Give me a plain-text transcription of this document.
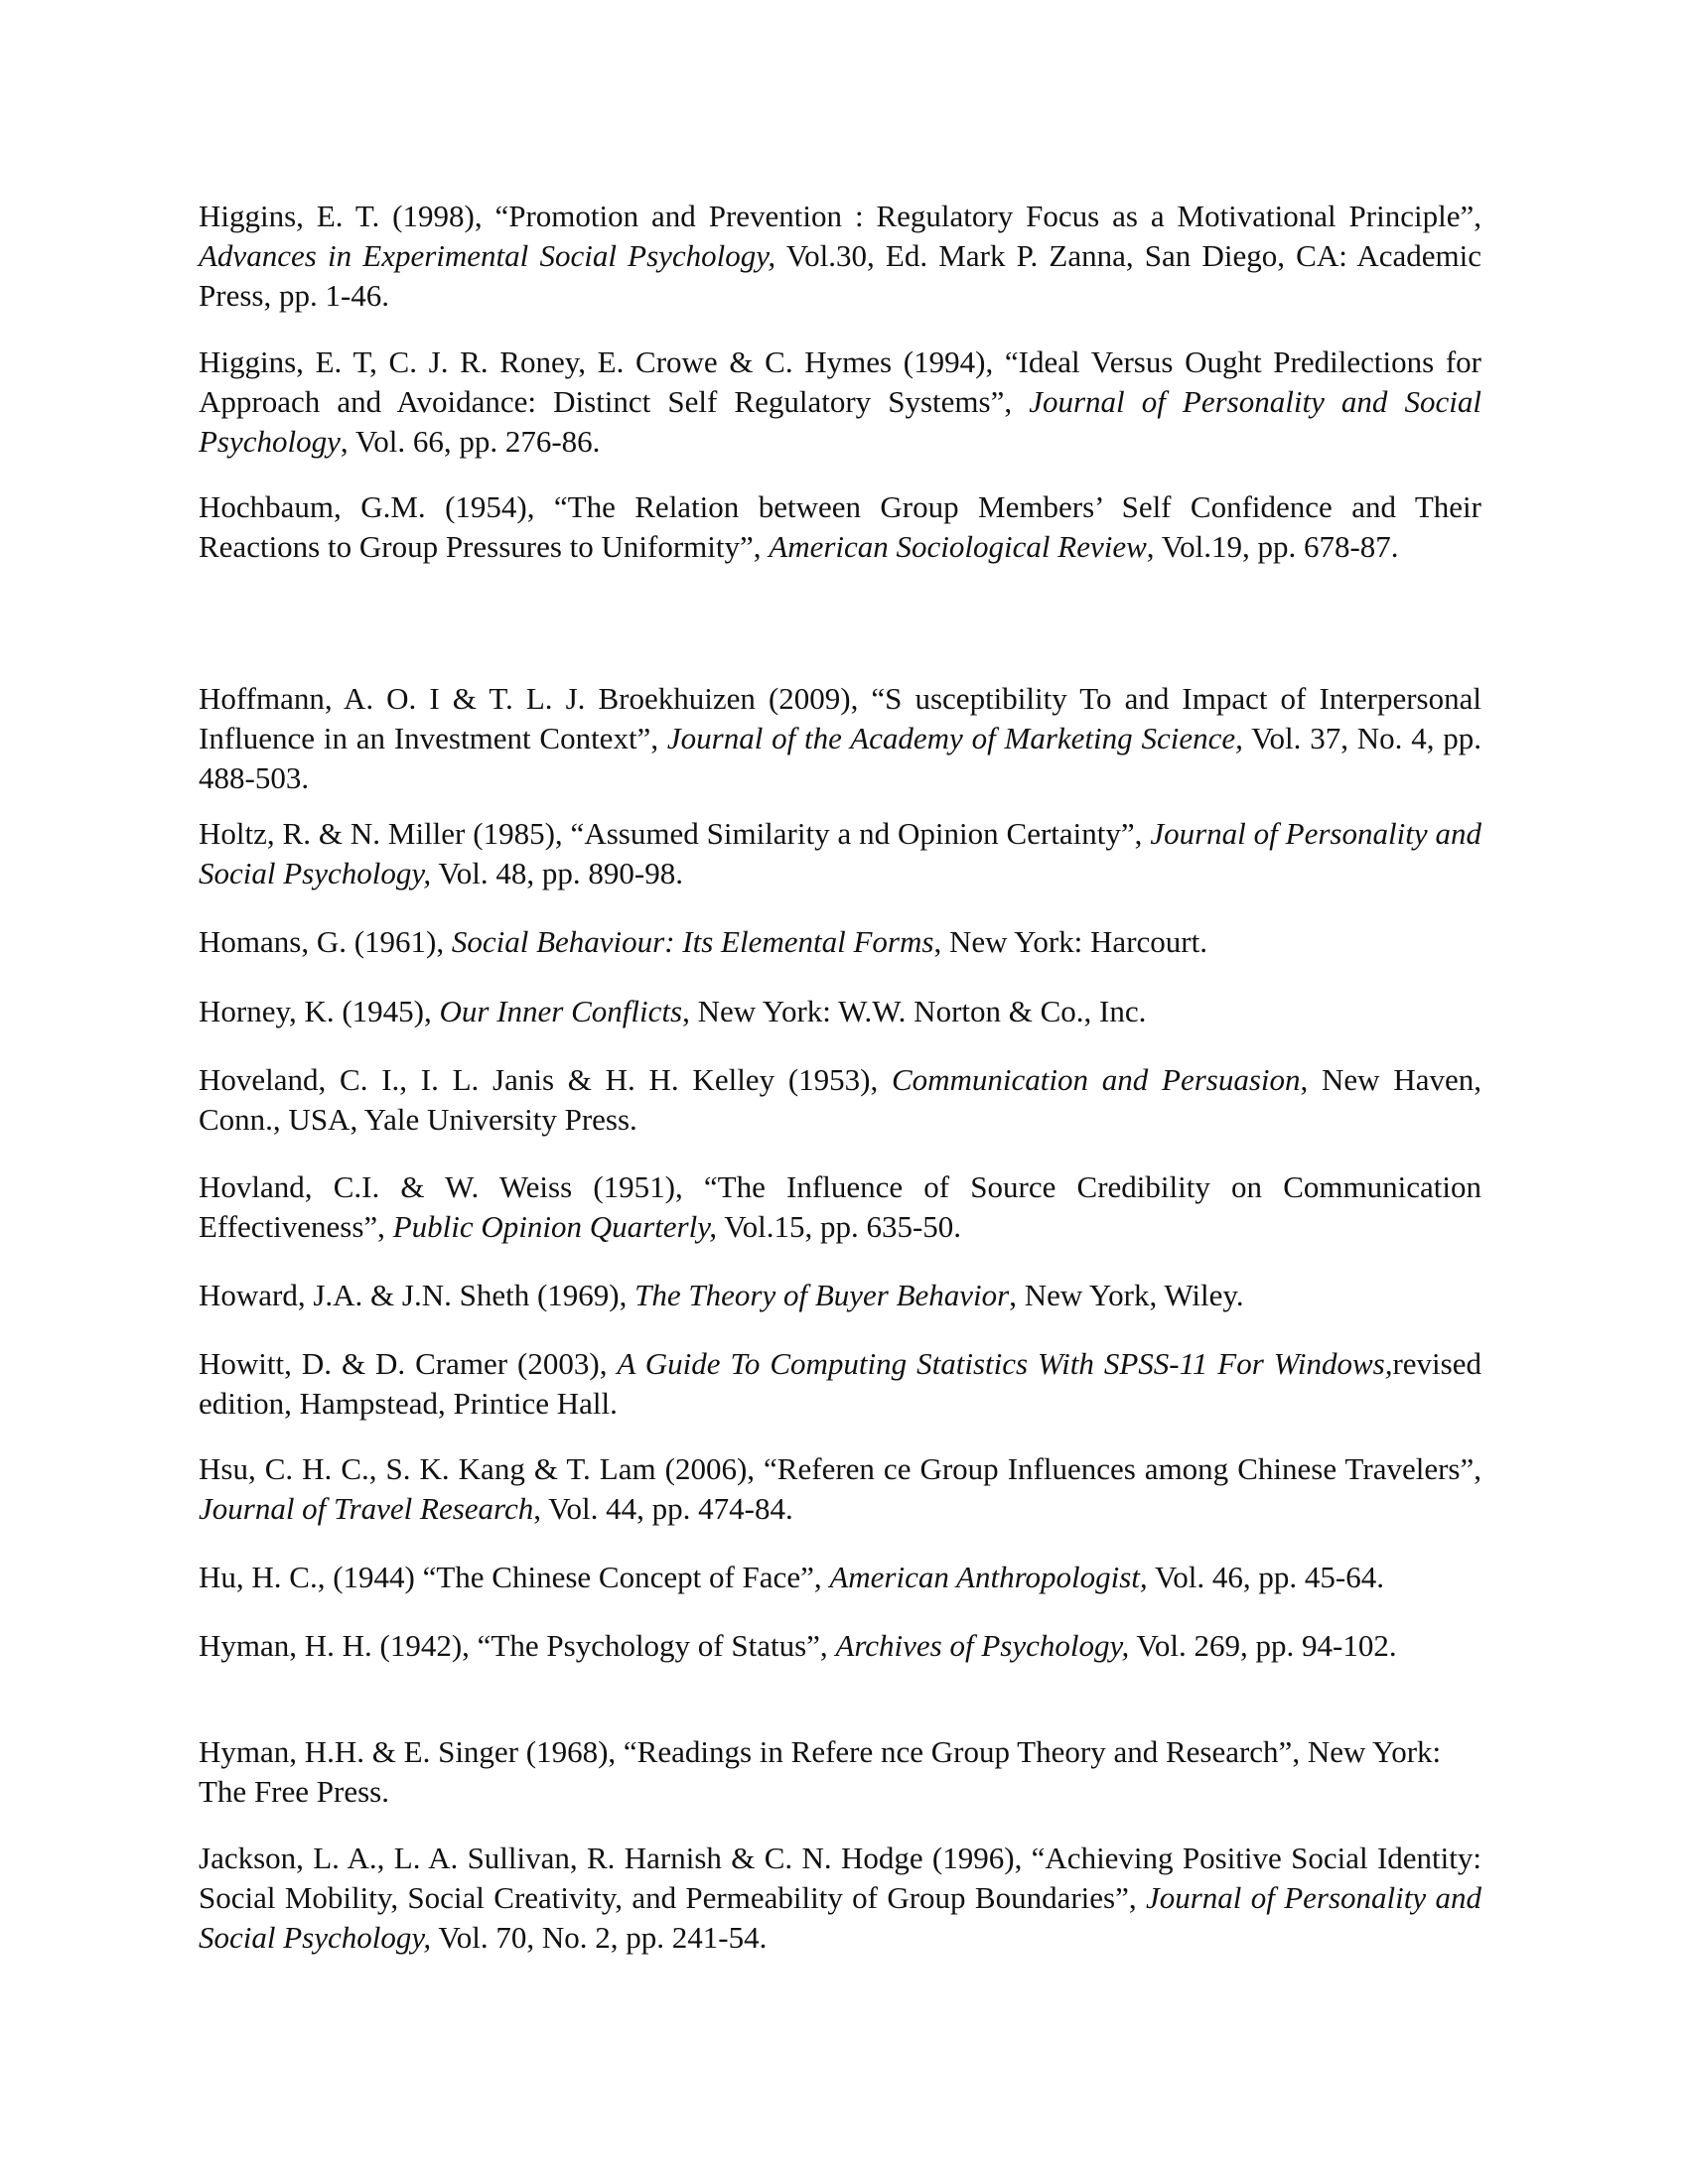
Higgins, E. T. (1998), “Promotion and Prevention : Regulatory Focus as a Motivational Principle”, Advances in Experimental Social Psychology, Vol.30, Ed. Mark P. Zanna, San Diego, CA: Academic Press, pp. 1-46.

Higgins, E. T, C. J. R. Roney, E. Crowe & C. Hymes (1994), “Ideal Versus Ought Predilections for Approach and Avoidance: Distinct Self Regulatory Systems”, Journal of Personality and Social Psychology, Vol. 66, pp. 276-86.

Hochbaum, G.M. (1954), “The Relation between Group Members’ Self Confidence and Their Reactions to Group Pressures to Uniformity”, American Sociological Review, Vol.19, pp. 678-87.

Hoffmann, A. O. I & T. L. J. Broekhuizen (2009), “S usceptibility To and Impact of Interpersonal Influence in an Investment Context”, Journal of the Academy of Marketing Science, Vol. 37, No. 4, pp. 488-503.

Holtz, R. & N. Miller (1985), “Assumed Similarity a nd Opinion Certainty”, Journal of Personality and Social Psychology, Vol. 48, pp. 890-98.

Homans, G. (1961), Social Behaviour: Its Elemental Forms, New York: Harcourt.

Horney, K. (1945), Our Inner Conflicts, New York: W.W. Norton & Co., Inc.

Hoveland, C. I., I. L. Janis & H. H. Kelley (1953), Communication and Persuasion, New Haven, Conn., USA, Yale University Press.

Hovland, C.I. & W. Weiss (1951), “The Influence of Source Credibility on Communication Effectiveness”, Public Opinion Quarterly, Vol.15, pp. 635-50.

Howard, J.A. & J.N. Sheth (1969), The Theory of Buyer Behavior, New York, Wiley.

Howitt, D. & D. Cramer (2003), A Guide To Computing Statistics With SPSS-11 For Windows,revised edition, Hampstead, Printice Hall.

Hsu, C. H. C., S. K. Kang & T. Lam (2006), “Referen ce Group Influences among Chinese Travelers”, Journal of Travel Research, Vol. 44, pp. 474-84.

Hu, H. C., (1944) “The Chinese Concept of Face”, American Anthropologist, Vol. 46, pp. 45-64.

Hyman, H. H. (1942), “The Psychology of Status”, Archives of Psychology, Vol. 269, pp. 94-102.

Hyman, H.H. & E. Singer (1968), “Readings in Refere nce Group Theory and Research”, New York: The Free Press.

Jackson, L. A., L. A. Sullivan, R. Harnish & C. N. Hodge (1996), “Achieving Positive Social Identity: Social Mobility, Social Creativity, and Permeability of Group Boundaries”, Journal of Personality and Social Psychology, Vol. 70, No. 2, pp. 241-54.
